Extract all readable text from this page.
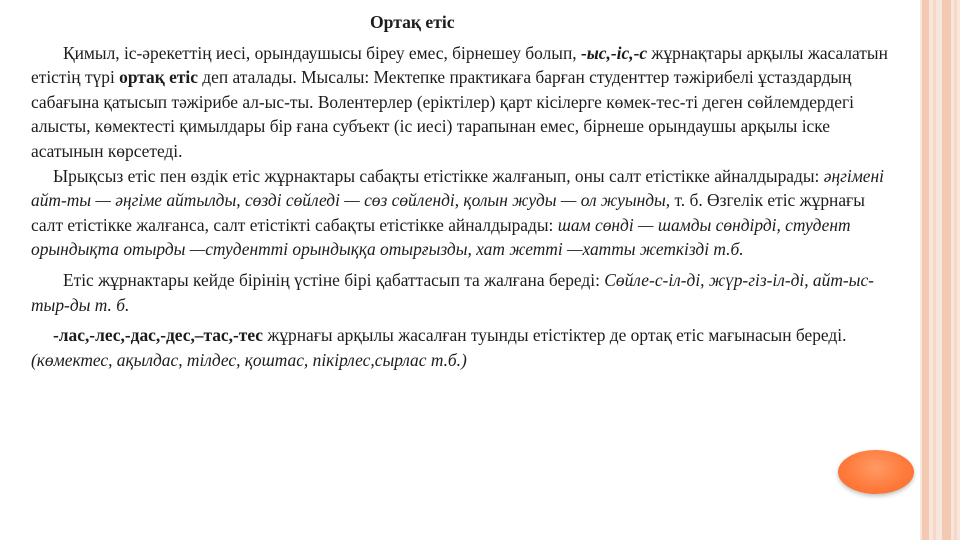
Ортақ етіс

Қимыл, іс-әрекеттің иесі, орындаушысы біреу емес, бірнешеу болып, -ыс,-іс,-с жұрнақтары арқылы жасалатын етістің түрі ортақ етіс деп аталады. Мысалы: Мектепке практикаға барған студенттер тәжірибелі ұстаздардың сабағына қатысып тәжірибе ал-ыс-ты. Волентерлер (еріктілер) қарт кісілерге көмек-тес-ті деген сөйлемдердегі алысты, көмектесті қимылдары бір ғана субъект (іс иесі) тарапынан емес, бірнеше орындаушы арқылы іске асатынын көрсетеді.

Ырықсыз етіс пен өздік етіс жұрнактары сабақты етістікке жалғанып, оны салт етістікке айналдырады: әңгімені айт-ты — әңгіме айтылды, сөзді сөйледі — сөз сөйленді, қолын жуды — ол жуынды, т. б. Өзгелік етіс жұрнағы салт етістікке жалғанса, салт етістікті сабақты етістікке айналдырады: шам сөнді — шамды сөндірді, студент орындықта отырды —студентті орындыққа отырғызды, хат жетті —хатты жеткізді т.б.

Етіс жұрнактары кейде бірінің үстіне бірі қабаттасып та жалғана береді: Сөйле-с-іл-ді, жүр-гіз-іл-ді, айт-ыс-тыр-ды т. б.

-лас,-лес,-дас,-дес,–тас,-тес жұрнағы арқылы жасалған туынды етістіктер де ортақ етіс мағынасын береді.(көмектес, ақылдас, тілдес, қоштас, пікірлес,сырлас т.б.)
